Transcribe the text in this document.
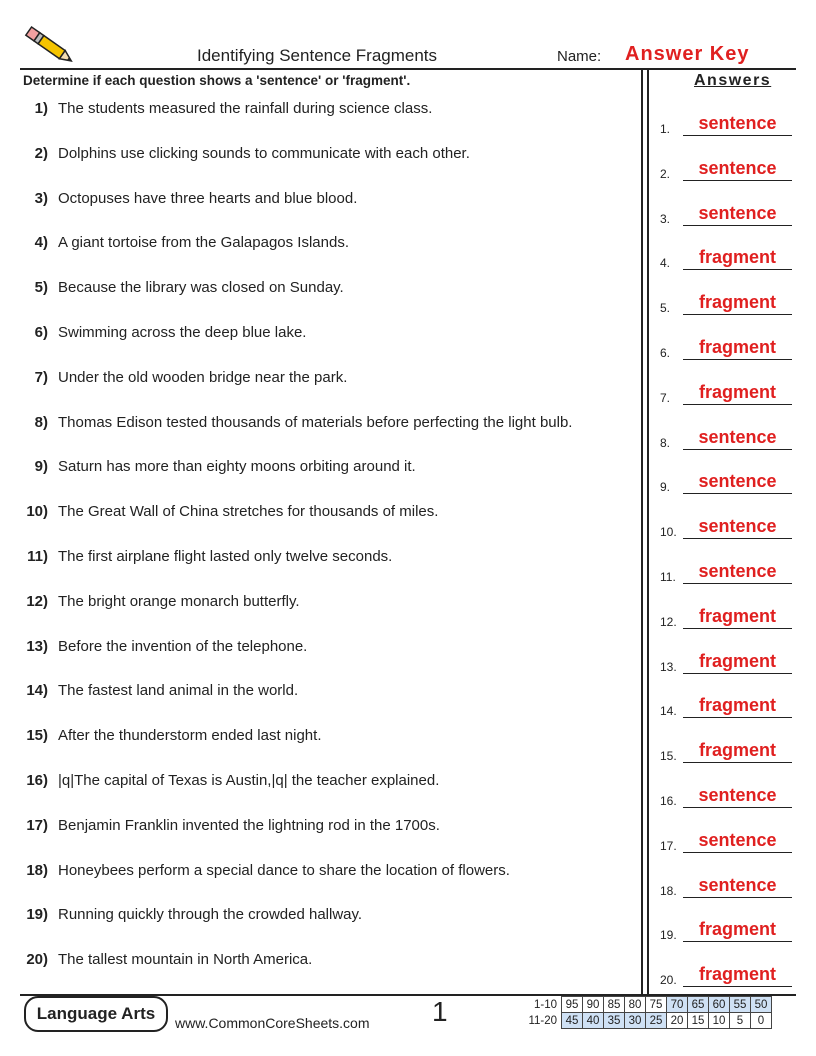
Identifying Sentence Fragments	Name: Answer Key
Determine if each question shows a 'sentence' or 'fragment'.	Answers
1) The students measured the rainfall during science class.
2) Dolphins use clicking sounds to communicate with each other.
3) Octopuses have three hearts and blue blood.
4) A giant tortoise from the Galapagos Islands.
5) Because the library was closed on Sunday.
6) Swimming across the deep blue lake.
7) Under the old wooden bridge near the park.
8) Thomas Edison tested thousands of materials before perfecting the light bulb.
9) Saturn has more than eighty moons orbiting around it.
10) The Great Wall of China stretches for thousands of miles.
11) The first airplane flight lasted only twelve seconds.
12) The bright orange monarch butterfly.
13) Before the invention of the telephone.
14) The fastest land animal in the world.
15) After the thunderstorm ended last night.
16) |q|The capital of Texas is Austin,|q| the teacher explained.
17) Benjamin Franklin invented the lightning rod in the 1700s.
18) Honeybees perform a special dance to share the location of flowers.
19) Running quickly through the crowded hallway.
20) The tallest mountain in North America.
1.	sentence
2.	sentence
3.	sentence
4.	fragment
5.	fragment
6.	fragment
7.	fragment
8.	sentence
9.	sentence
10.	sentence
11.	sentence
12.	fragment
13.	fragment
14.	fragment
15.	fragment
16.	sentence
17.	sentence
18.	sentence
19.	fragment
20.	fragment
Language Arts	www.CommonCoreSheets.com 1	1-10	95	90	85	80	75	70	65	60	55	50
11-20	45	40	35	30	25	20	15	10	5	0
